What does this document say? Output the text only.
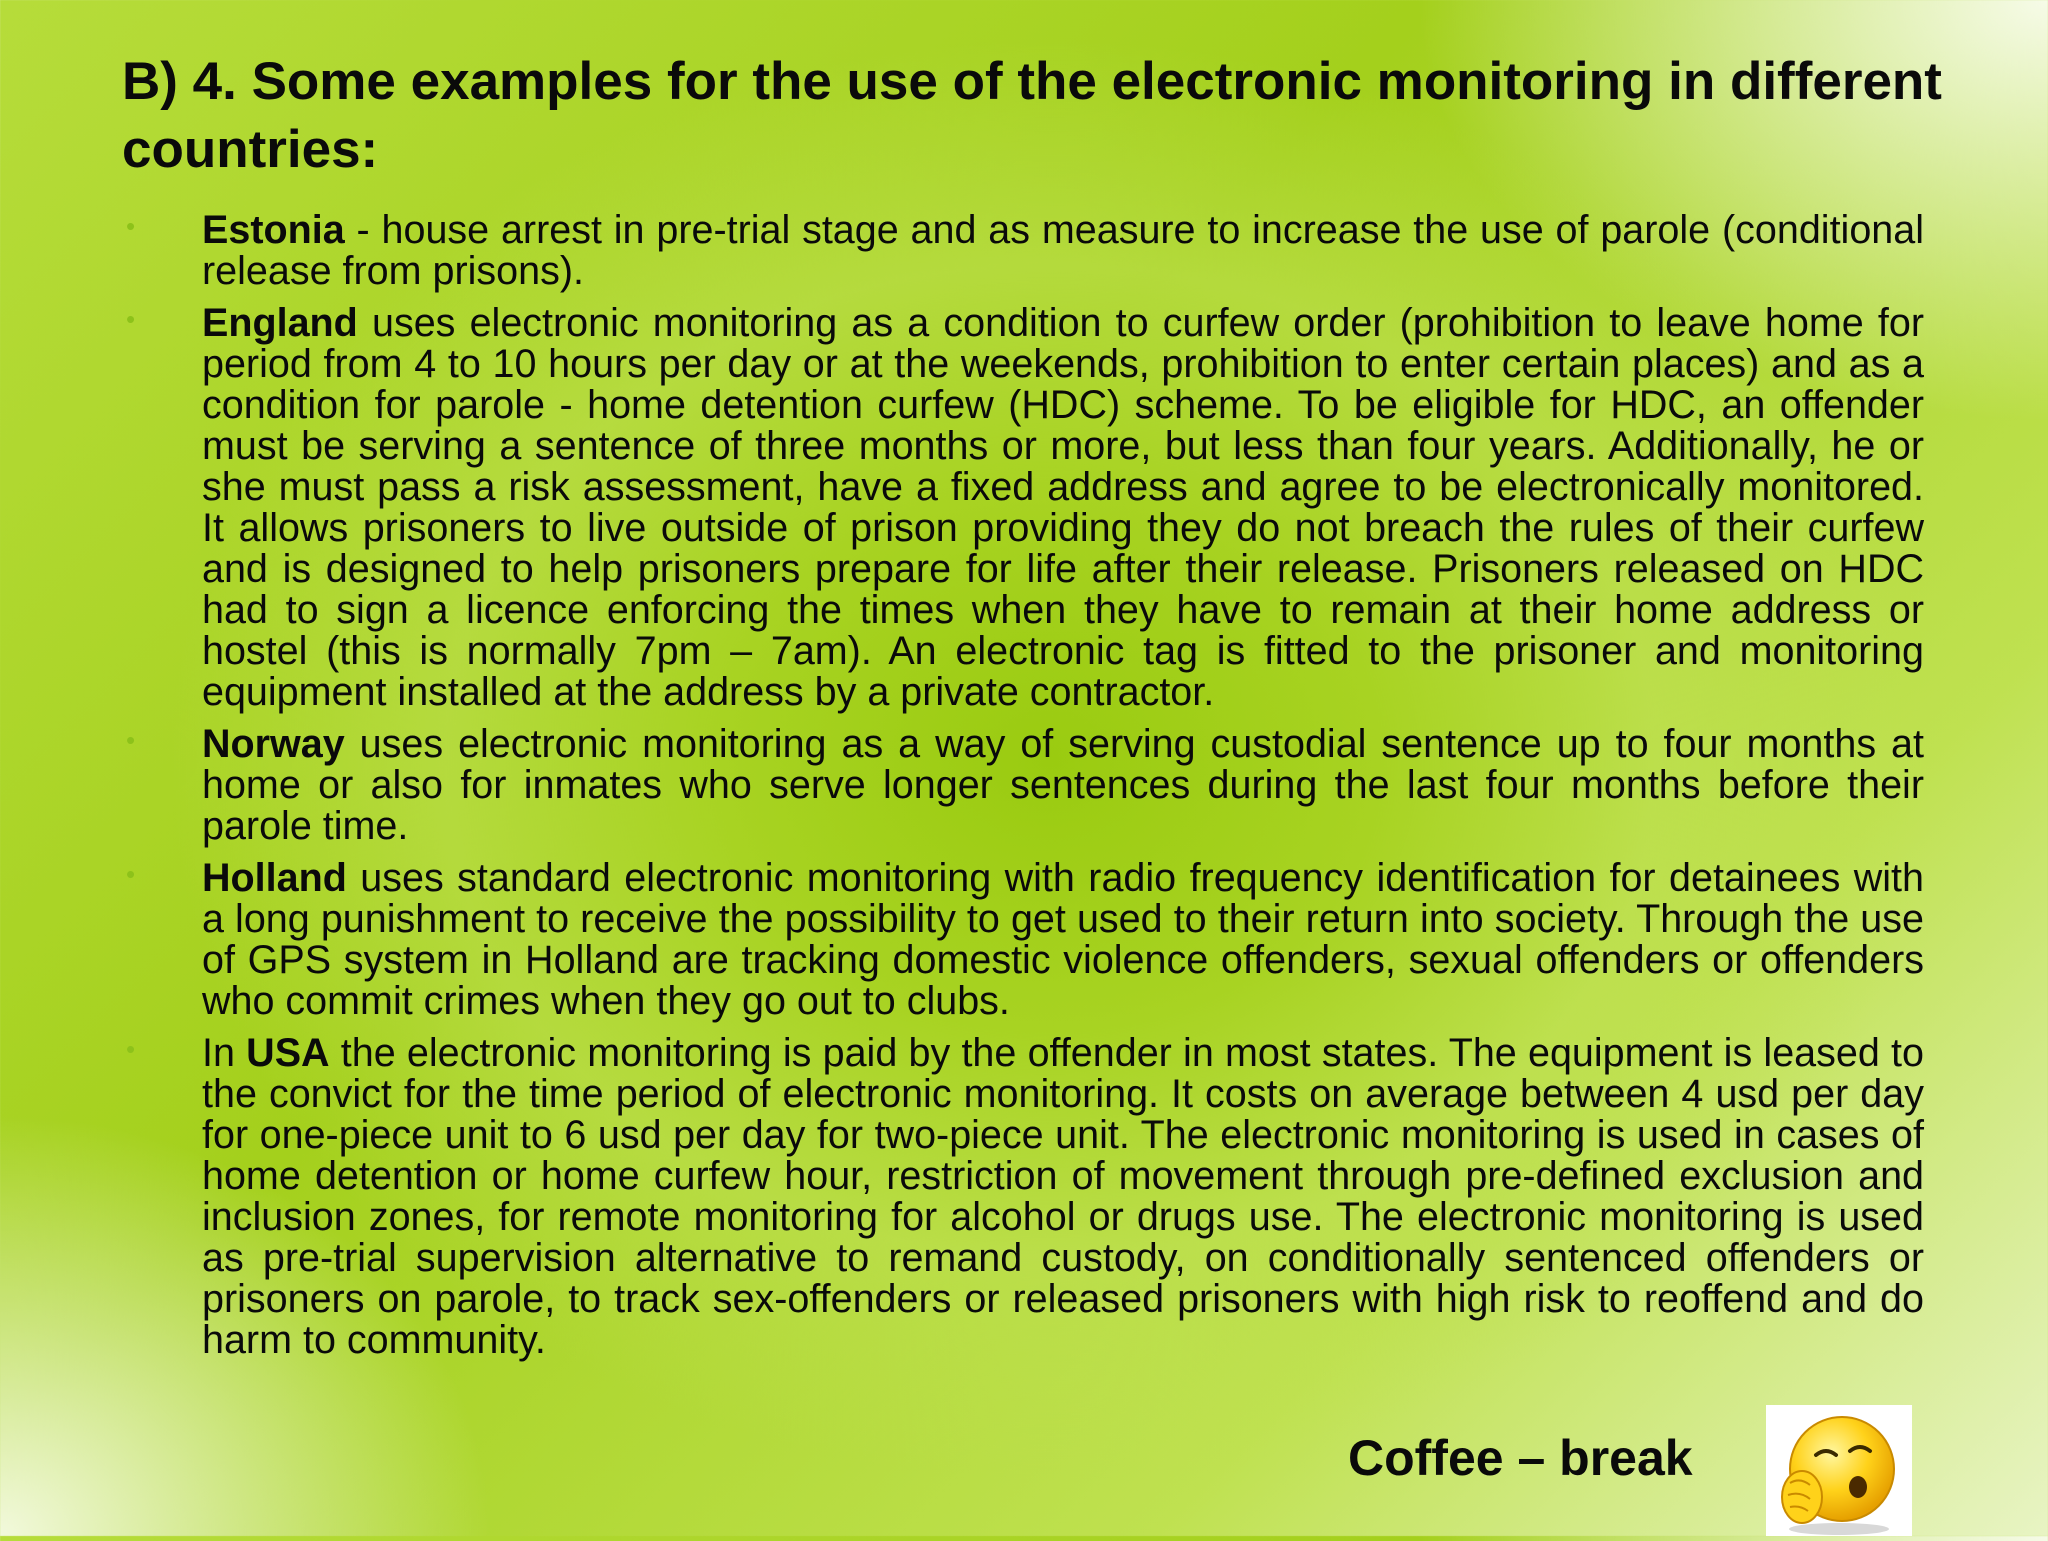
B) 4. Some examples for the use of the electronic monitoring in different countries:
• Estonia - house arrest in pre-trial stage and as measure to increase the use of parole (conditional release from prisons).
• England uses electronic monitoring as a condition to curfew order (prohibition to leave home for period from 4 to 10 hours per day or at the weekends, prohibition to enter certain places) and as a condition for parole - home detention curfew (HDC) scheme. To be eligible for HDC, an offender must be serving a sentence of three months or more, but less than four years. Additionally, he or she must pass a risk assessment, have a fixed address and agree to be electronically monitored. It allows prisoners to live outside of prison providing they do not breach the rules of their curfew and is designed to help prisoners prepare for life after their release. Prisoners released on HDC had to sign a licence enforcing the times when they have to remain at their home address or hostel (this is normally 7pm – 7am). An electronic tag is fitted to the prisoner and monitoring equipment installed at the address by a private contractor.
• Norway uses electronic monitoring as a way of serving custodial sentence up to four months at home or also for inmates who serve longer sentences during the last four months before their parole time.
• Holland uses standard electronic monitoring with radio frequency identification for detainees with a long punishment to receive the possibility to get used to their return into society. Through the use of GPS system in Holland are tracking domestic violence offenders, sexual offenders or offenders who commit crimes when they go out to clubs.
• In USA the electronic monitoring is paid by the offender in most states. The equipment is leased to the convict for the time period of electronic monitoring. It costs on average between 4 usd per day for one-piece unit to 6 usd per day for two-piece unit. The electronic monitoring is used in cases of home detention or home curfew hour, restriction of movement through pre-defined exclusion and inclusion zones, for remote monitoring for alcohol or drugs use. The electronic monitoring is used as pre-trial supervision alternative to remand custody, on conditionally sentenced offenders or prisoners on parole, to track sex-offenders or released prisoners with high risk to reoffend and do harm to community.
Coffee – break
